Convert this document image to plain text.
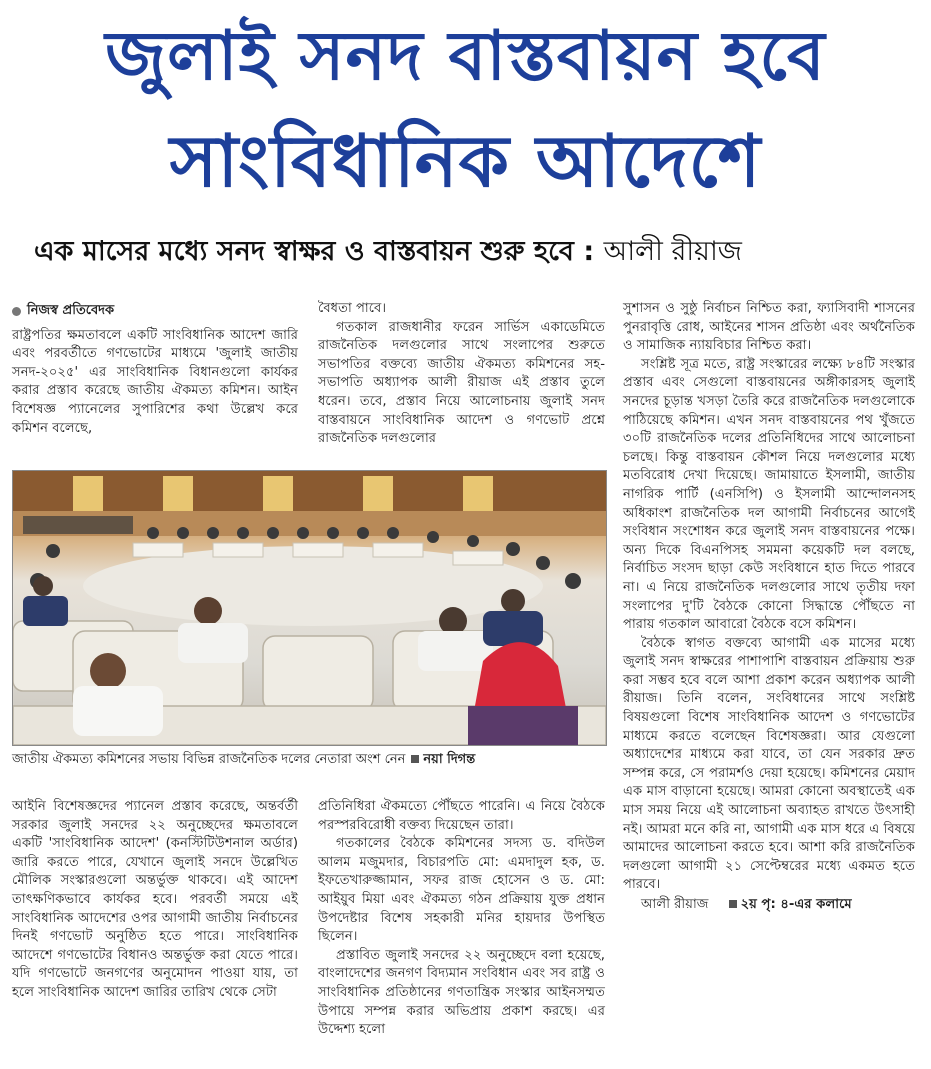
জুলাই সনদ বাস্তবায়ন হবে
সাংবিধানিক আদেশে
এক মাসের মধ্যে সনদ স্বাক্ষর ও বাস্তবায়ন শুরু হবে : আলী রীয়াজ
নিজস্ব প্রতিবেদক

রাষ্ট্রপতির ক্ষমতাবলে একটি সাংবিধানিক আদেশ জারি এবং পরবর্তীতে গণভোটের মাধ্যমে 'জুলাই জাতীয় সনদ-২০২৫' এর সাংবিধানিক বিধানগুলো কার্যকর করার প্রস্তাব করেছে জাতীয় ঐকমত্য কমিশন। আইন বিশেষজ্ঞ প্যানেলের সুপারিশের কথা উল্লেখ করে কমিশন বলেছে,

বৈধতা পাবে।

গতকাল রাজধানীর ফরেন সার্ভিস একাডেমিতে রাজনৈতিক দলগুলোর সাথে সংলাপের শুরুতে সভাপতির বক্তব্যে জাতীয় ঐকমত্য কমিশনের সহ-সভাপতি অধ্যাপক আলী রীয়াজ এই প্রস্তাব তুলে ধরেন। তবে, প্রস্তাব নিয়ে আলোচনায় জুলাই সনদ বাস্তবায়নে সাংবিধানিক আদেশ ও গণভোট প্রশ্নে রাজনৈতিক দলগুলোর

জাতীয় ঐকমত্য কমিশনের সভায় বিভিন্ন রাজনৈতিক দলের নেতারা অংশ নেন নয়া দিগন্ত

আইনি বিশেষজ্ঞদের প্যানেল প্রস্তাব করেছে, অন্তর্বর্তী সরকার জুলাই সনদের ২২ অনুচ্ছেদের ক্ষমতাবলে একটি 'সাংবিধানিক আদেশ' (কনস্টিটিউশনাল অর্ডার) জারি করতে পারে, যেখানে জুলাই সনদে উল্লেখিত মৌলিক সংস্কারগুলো অন্তর্ভুক্ত থাকবে। এই আদেশ তাৎক্ষণিকভাবে কার্যকর হবে। পরবর্তী সময়ে এই সাংবিধানিক আদেশের ওপর আগামী জাতীয় নির্বাচনের দিনই গণভোট অনুষ্ঠিত হতে পারে। সাংবিধানিক আদেশে গণভোটের বিধানও অন্তর্ভুক্ত করা যেতে পারে। যদি গণভোটে জনগণের অনুমোদন পাওয়া যায়, তা হলে সাংবিধানিক আদেশ জারির তারিখ থেকে সেটা

প্রতিনিধিরা ঐকমত্যে পৌঁছতে পারেনি। এ নিয়ে বৈঠকে পরস্পরবিরোধী বক্তব্য দিয়েছেন তারা।

গতকালের বৈঠকে কমিশনের সদস্য ড. বদিউল আলম মজুমদার, বিচারপতি মো: এমদাদুল হক, ড. ইফতেখারুজ্জামান, সফর রাজ হোসেন ও ড. মো: আইয়ুব মিয়া এবং ঐকমত্য গঠন প্রক্রিয়ায় যুক্ত প্রধান উপদেষ্টার বিশেষ সহকারী মনির হায়দার উপস্থিত ছিলেন।

প্রস্তাবিত জুলাই সনদের ২২ অনুচ্ছেদে বলা হয়েছে, বাংলাদেশের জনগণ বিদ্যমান সংবিধান এবং সব রাষ্ট্র ও সাংবিধানিক প্রতিষ্ঠানের গণতান্ত্রিক সংস্কার আইনসম্মত উপায়ে সম্পন্ন করার অভিপ্রায় প্রকাশ করছে। এর উদ্দেশ্য হলো

সুশাসন ও সুষ্ঠু নির্বাচন নিশ্চিত করা, ফ্যাসিবাদী শাসনের পুনরাবৃত্তি রোধ, আইনের শাসন প্রতিষ্ঠা এবং অর্থনৈতিক ও সামাজিক ন্যায়বিচার নিশ্চিত করা।

সংশ্লিষ্ট সূত্র মতে, রাষ্ট্র সংস্কারের লক্ষ্যে ৮৪টি সংস্কার প্রস্তাব এবং সেগুলো বাস্তবায়নের অঙ্গীকারসহ জুলাই সনদের চূড়ান্ত খসড়া তৈরি করে রাজনৈতিক দলগুলোকে পাঠিয়েছে কমিশন। এখন সনদ বাস্তবায়নের পথ খুঁজতে ৩০টি রাজনৈতিক দলের প্রতিনিধিদের সাথে আলোচনা চলছে। কিন্তু বাস্তবায়ন কৌশল নিয়ে দলগুলোর মধ্যে মতবিরোধ দেখা দিয়েছে। জামায়াতে ইসলামী, জাতীয় নাগরিক পার্টি (এনসিপি) ও ইসলামী আন্দোলনসহ অধিকাংশ রাজনৈতিক দল আগামী নির্বাচনের আগেই সংবিধান সংশোধন করে জুলাই সনদ বাস্তবায়নের পক্ষে। অন্য দিকে বিএনপিসহ সমমনা কয়েকটি দল বলছে, নির্বাচিত সংসদ ছাড়া কেউ সংবিধানে হাত দিতে পারবে না। এ নিয়ে রাজনৈতিক দলগুলোর সাথে তৃতীয় দফা সংলাপের দু'টি বৈঠকে কোনো সিদ্ধান্তে পৌঁছতে না পারায় গতকাল আবারো বৈঠকে বসে কমিশন।

বৈঠকে স্বাগত বক্তব্যে আগামী এক মাসের মধ্যে জুলাই সনদ স্বাক্ষরের পাশাপাশি বাস্তবায়ন প্রক্রিয়ায় শুরু করা সম্ভব হবে বলে আশা প্রকাশ করেন অধ্যাপক আলী রীয়াজ। তিনি বলেন, সংবিধানের সাথে সংশ্লিষ্ট বিষয়গুলো বিশেষ সাংবিধানিক আদেশ ও গণভোটের মাধ্যমে করতে বলেছেন বিশেষজ্ঞরা। আর যেগুলো অধ্যাদেশের মাধ্যমে করা যাবে, তা যেন সরকার দ্রুত সম্পন্ন করে, সে পরামর্শও দেয়া হয়েছে। কমিশনের মেয়াদ এক মাস বাড়ানো হয়েছে। আমরা কোনো অবস্থাতেই এক মাস সময় নিয়ে এই আলোচনা অব্যাহত রাখতে উৎসাহী নই। আমরা মনে করি না, আগামী এক মাস ধরে এ বিষয়ে আমাদের আলোচনা করতে হবে। আশা করি রাজনৈতিক দলগুলো আগামী ২১ সেপ্টেম্বরের মধ্যে একমত হতে পারবে।

আলী রীয়াজ	২য় পৃ: ৪-এর কলামে
